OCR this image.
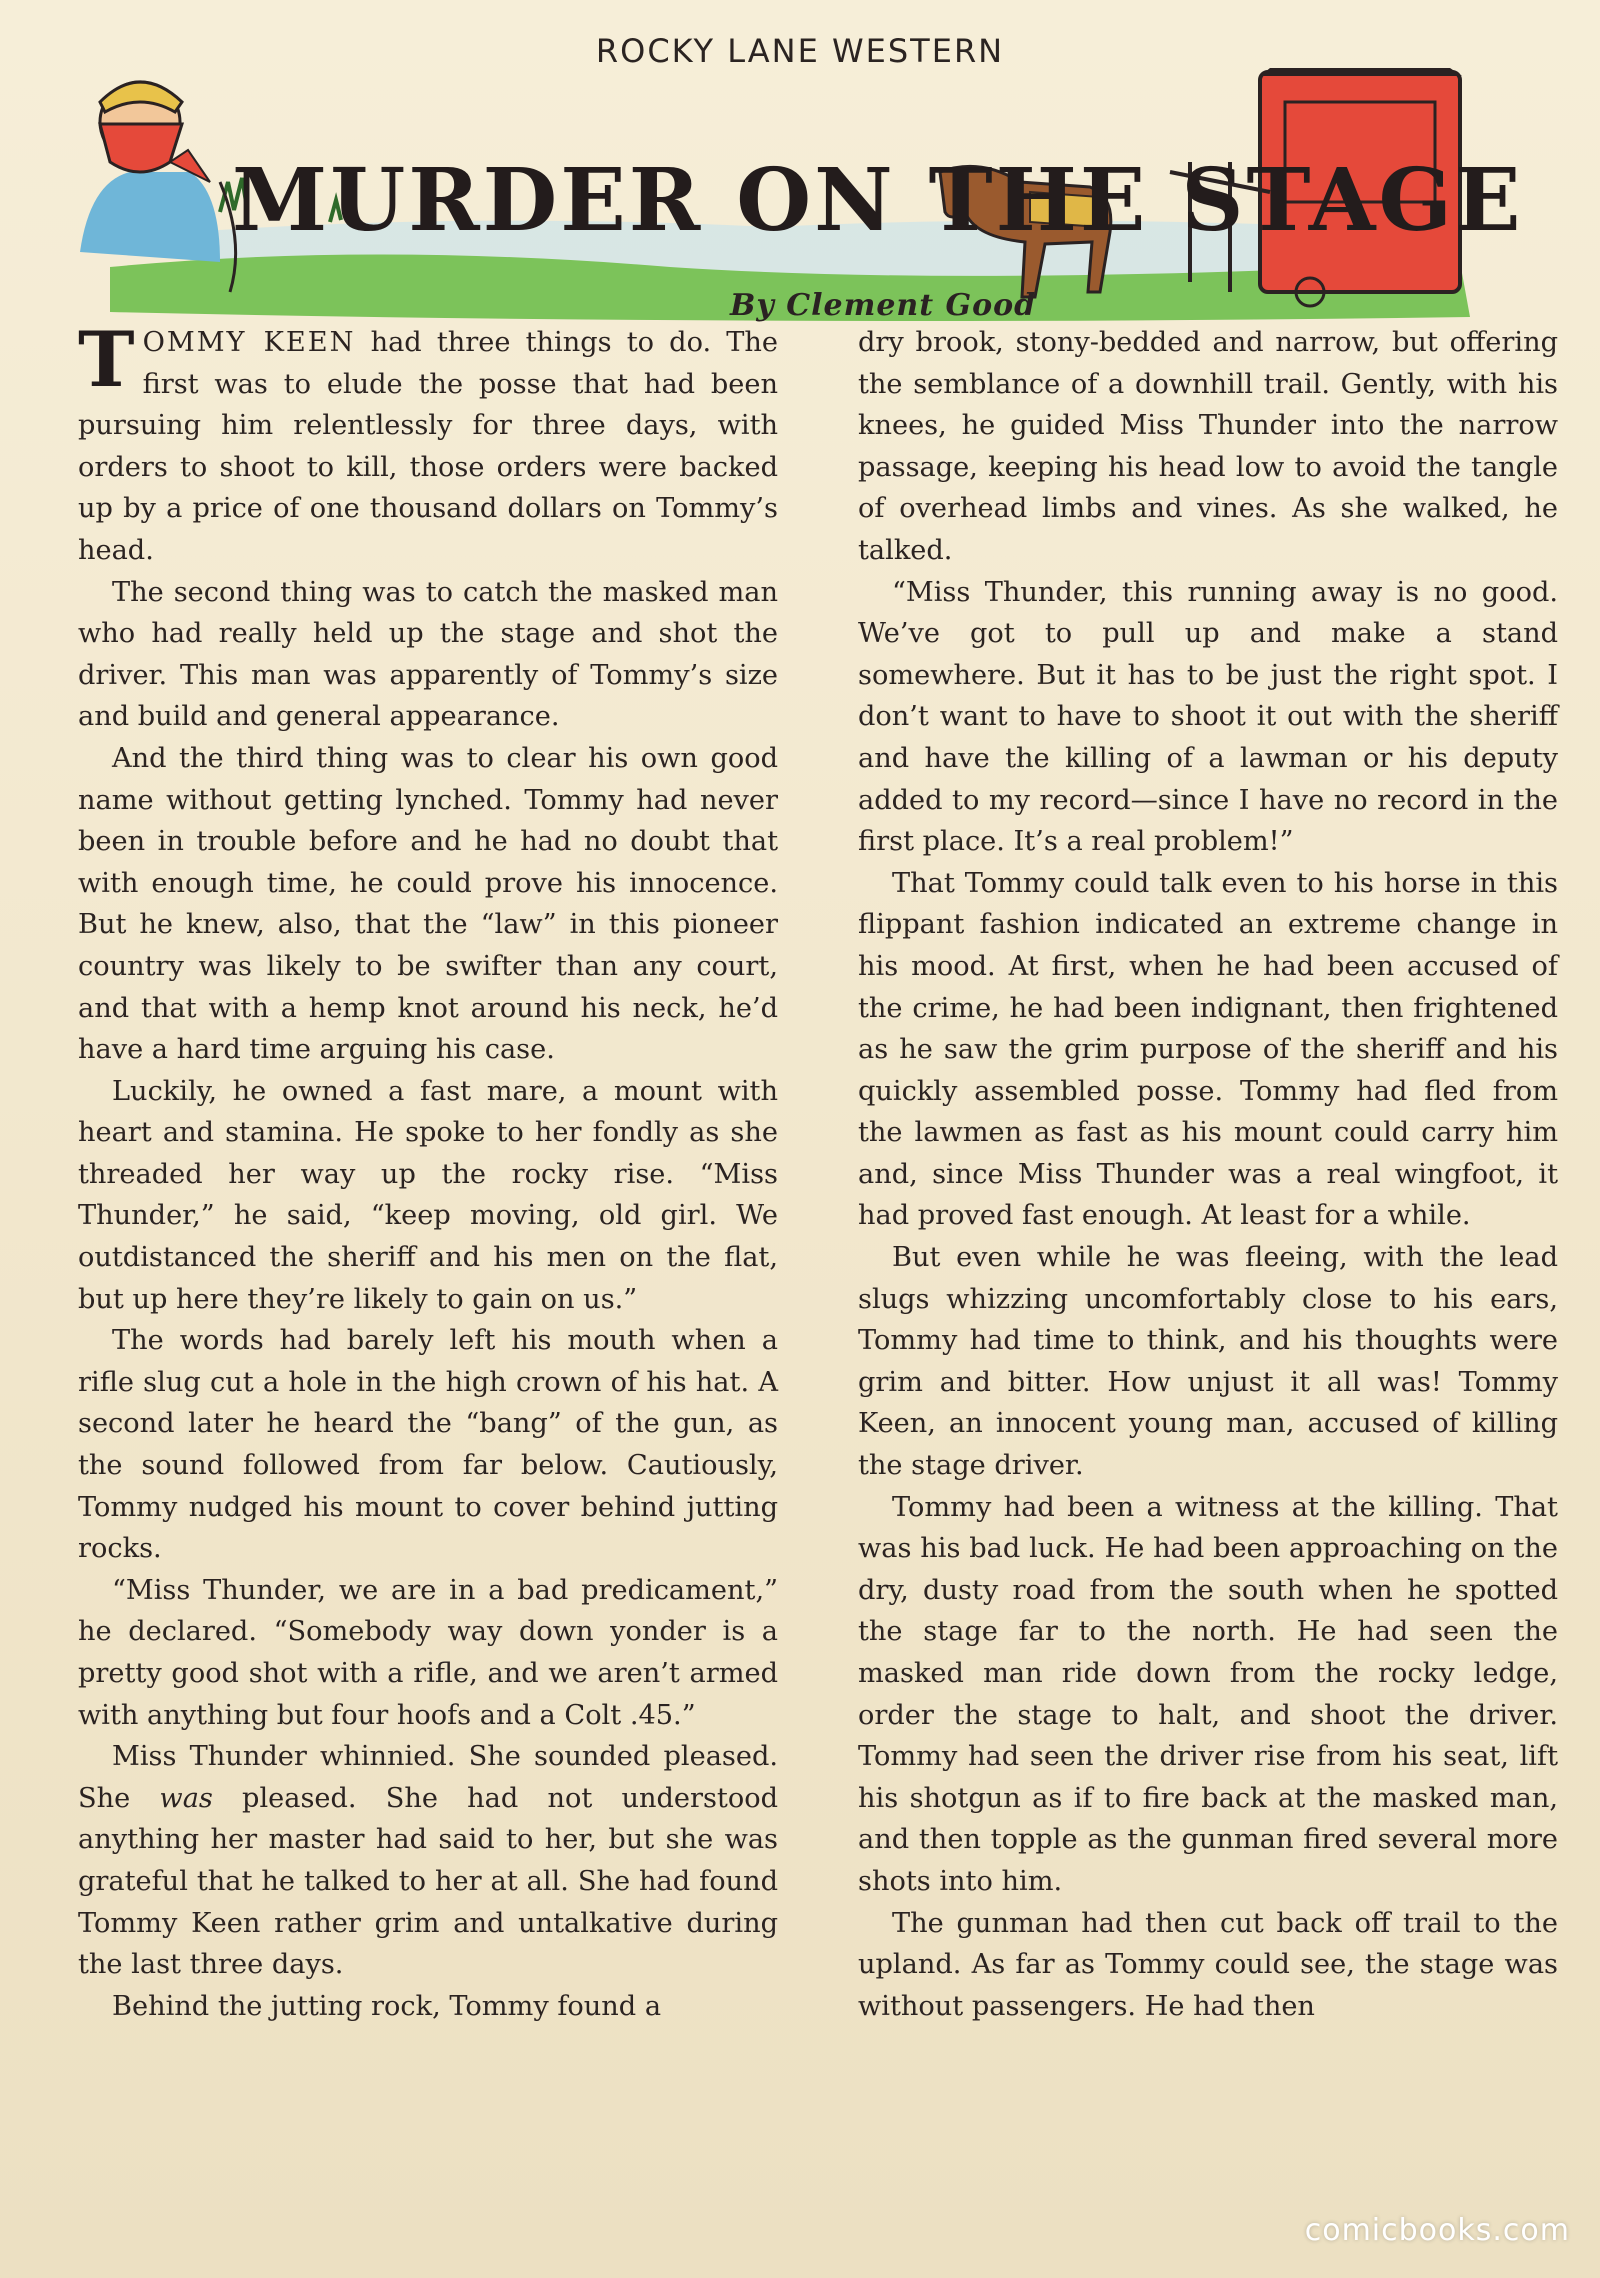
ROCKY LANE WESTERN
MURDER ON THE STAGE
By Clement Good

TOMMY KEEN had three things to do. The first was to elude the posse that had been pursuing him relentlessly for three days, with orders to shoot to kill, those orders were backed up by a price of one thousand dollars on Tommy’s head.

The second thing was to catch the masked man who had really held up the stage and shot the driver. This man was apparently of Tommy’s size and build and general appearance.

And the third thing was to clear his own good name without getting lynched. Tommy had never been in trouble before and he had no doubt that with enough time, he could prove his innocence. But he knew, also, that the “law” in this pioneer country was likely to be swifter than any court, and that with a hemp knot around his neck, he’d have a hard time arguing his case.

Luckily, he owned a fast mare, a mount with heart and stamina. He spoke to her fondly as she threaded her way up the rocky rise. “Miss Thunder,” he said, “keep moving, old girl. We outdistanced the sheriff and his men on the flat, but up here they’re likely to gain on us.”

The words had barely left his mouth when a rifle slug cut a hole in the high crown of his hat. A second later he heard the “bang” of the gun, as the sound followed from far below. Cautiously, Tommy nudged his mount to cover behind jutting rocks.

“Miss Thunder, we are in a bad predicament,” he declared. “Somebody way down yonder is a pretty good shot with a rifle, and we aren’t armed with anything but four hoofs and a Colt .45.”

Miss Thunder whinnied. She sounded pleased. She was pleased. She had not understood anything her master had said to her, but she was grateful that he talked to her at all. She had found Tommy Keen rather grim and untalkative during the last three days.

Behind the jutting rock, Tommy found a

dry brook, stony-bedded and narrow, but offering the semblance of a downhill trail. Gently, with his knees, he guided Miss Thunder into the narrow passage, keeping his head low to avoid the tangle of overhead limbs and vines. As she walked, he talked.

“Miss Thunder, this running away is no good. We’ve got to pull up and make a stand somewhere. But it has to be just the right spot. I don’t want to have to shoot it out with the sheriff and have the killing of a lawman or his deputy added to my record—since I have no record in the first place. It’s a real problem!”

That Tommy could talk even to his horse in this flippant fashion indicated an extreme change in his mood. At first, when he had been accused of the crime, he had been indignant, then frightened as he saw the grim purpose of the sheriff and his quickly assembled posse. Tommy had fled from the lawmen as fast as his mount could carry him and, since Miss Thunder was a real wingfoot, it had proved fast enough. At least for a while.

But even while he was fleeing, with the lead slugs whizzing uncomfortably close to his ears, Tommy had time to think, and his thoughts were grim and bitter. How unjust it all was! Tommy Keen, an innocent young man, accused of killing the stage driver.

Tommy had been a witness at the killing. That was his bad luck. He had been approaching on the dry, dusty road from the south when he spotted the stage far to the north. He had seen the masked man ride down from the rocky ledge, order the stage to halt, and shoot the driver. Tommy had seen the driver rise from his seat, lift his shotgun as if to fire back at the masked man, and then topple as the gunman fired several more shots into him.

The gunman had then cut back off trail to the upland. As far as Tommy could see, the stage was without passengers. He had then

comicbooks.com
